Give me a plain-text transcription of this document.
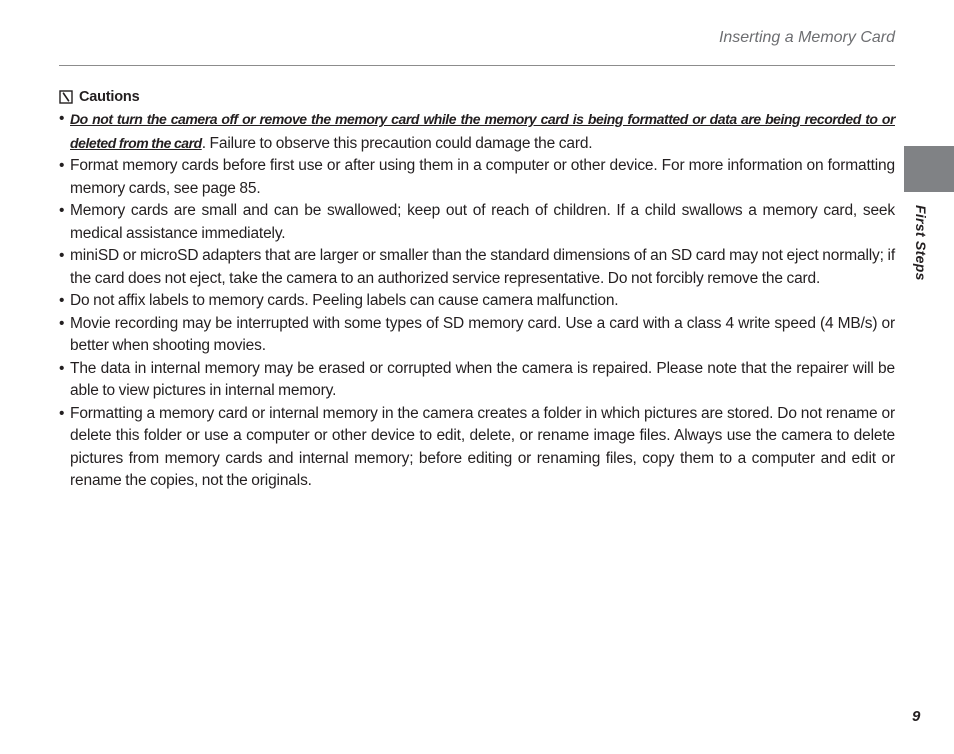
Inserting a Memory Card
Cautions
• Do not turn the camera off or remove the memory card while the memory card is being formatted or data are being recorded to or deleted from the card. Failure to observe this precaution could damage the card.
• Format memory cards before first use or after using them in a computer or other device. For more information on formatting memory cards, see page 85.
• Memory cards are small and can be swallowed; keep out of reach of children. If a child swallows a memory card, seek medical assistance immediately.
• miniSD or microSD adapters that are larger or smaller than the standard dimensions of an SD card may not eject normally; if the card does not eject, take the camera to an authorized service representative. Do not forcibly remove the card.
• Do not affix labels to memory cards. Peeling labels can cause camera malfunction.
• Movie recording may be interrupted with some types of SD memory card. Use a card with a class 4 write speed (4 MB/s) or better when shooting movies.
• The data in internal memory may be erased or corrupted when the camera is repaired. Please note that the repairer will be able to view pictures in internal memory.
• Formatting a memory card or internal memory in the camera creates a folder in which pictures are stored. Do not rename or delete this folder or use a computer or other device to edit, delete, or rename image files. Always use the camera to delete pictures from memory cards and internal memory; before editing or renaming files, copy them to a computer and edit or rename the copies, not the originals.
First Steps
9
